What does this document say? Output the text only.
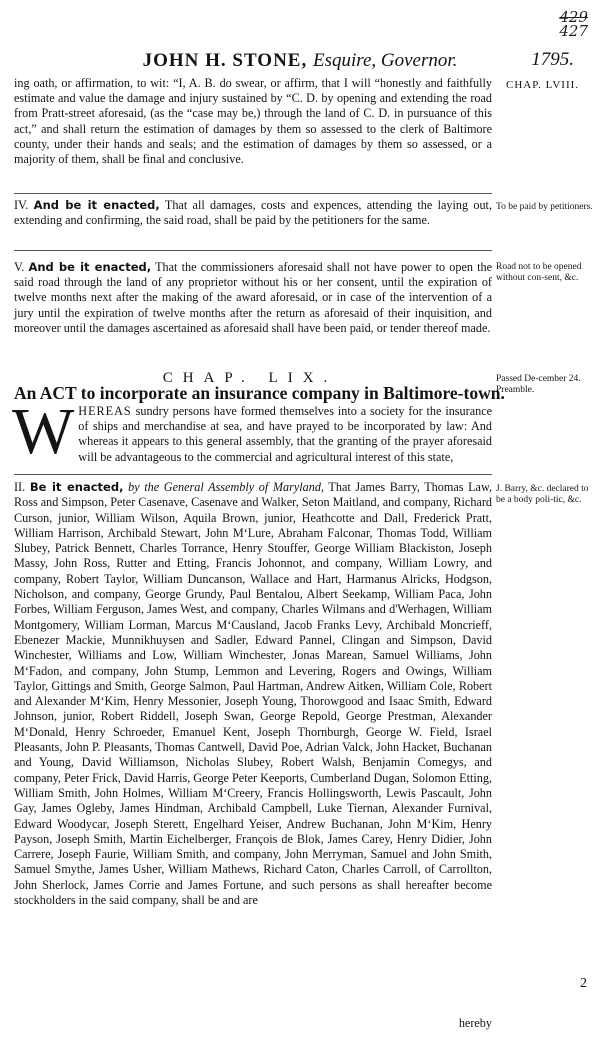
429
427
JOHN H. STONE, Esquire, Governor.	1795.
ing oath, or affirmation, to wit: “I, A. B. do swear, or affirm, that I will “honestly and faithfully estimate and value the damage and injury sustained by “C. D. by opening and extending the road from Pratt-street aforesaid, (as the “case may be,) through the land of C. D. in pursuance of this act,” and shall return the estimation of damages by them so assessed to the clerk of Baltimore county, under their hands and seals; and the estimation of damages by them so assessed, or a majority of them, shall be final and conclusive.
CHAP. LVIII.
IV. And be it enacted, That all damages, costs and expences, attending the laying out, extending and confirming, the said road, shall be paid by the petitioners for the same.
To be paid by petitioners.
V. And be it enacted, That the commissioners aforesaid shall not have power to open the said road through the land of any proprietor without his or her consent, until the expiration of twelve months next after the making of the award aforesaid, or in case of the intervention of a jury until the expiration of twelve months after the return as aforesaid of their inquisition, and moreover until the damages ascertained as aforesaid shall have been paid, or tender thereof made.
Road not to be opened without con-sent, &c.
CHAP. LIX.
An ACT to incorporate an insurance company in Baltimore-town.
Passed De-cember 24. Preamble.
W HEREAS sundry persons have formed themselves into a society for the insurance of ships and merchandise at sea, and have prayed to be incorporated by law: And whereas it appears to this general assembly, that the granting of the prayer aforesaid will be advantageous to the commercial and agricultural interest of this state,
II. Be it enacted, by the General Assembly of Maryland, That James Barry, Thomas Law, Ross and Simpson, Peter Casenave, Casenave and Walker, Seton Maitland, and company, Richard Curson, junior, William Wilson, Aquila Brown, junior, Heathcotte and Dall, Frederick Pratt, William Harrison, Archibald Stewart, John M‘Lure, Abraham Falconar, Thomas Todd, William Slubey, Patrick Bennett, Charles Torrance, Henry Stouffer, George William Blackiston, Joseph Massy, John Ross, Rutter and Etting, Francis Johonnot, and company, William Lowry, and company, Robert Taylor, William Duncanson, Wallace and Hart, Harmanus Alricks, Hodgson, Nicholson, and company, George Grundy, Paul Bentalou, Albert Seekamp, William Paca, John Forbes, William Ferguson, James West, and company, Charles Wilmans and d'Werhagen, William Montgomery, William Lorman, Marcus M‘Causland, Jacob Franks Levy, Archibald Moncrieff, Ebenezer Mackie, Munnikhuysen and Sadler, Edward Pannel, Clingan and Simpson, David Winchester, Williams and Low, William Winchester, Jonas Marean, Samuel Williams, John M‘Fadon, and company, John Stump, Lemmon and Levering, Rogers and Owings, William Taylor, Gittings and Smith, George Salmon, Paul Hartman, Andrew Aitken, William Cole, Robert and Alexander M‘Kim, Henry Messonier, Joseph Young, Thorowgood and Isaac Smith, Edward Johnson, junior, Robert Riddell, Joseph Swan, George Repold, George Prestman, Alexander M‘Donald, Henry Schroeder, Emanuel Kent, Joseph Thornburgh, George W. Field, Israel Pleasants, John P. Pleasants, Thomas Cantwell, David Poe, Adrian Valck, John Hacket, Buchanan and Young, David Williamson, Nicholas Slubey, Robert Walsh, Benjamin Comegys, and company, Peter Frick, David Harris, George Peter Keeports, Cumberland Dugan, Solomon Etting, William Smith, John Holmes, William M‘Creery, Francis Hollingsworth, Lewis Pascault, John Gay, James Ogleby, James Hindman, Archibald Campbell, Luke Tiernan, Alexander Furnival, Edward Woodycar, Joseph Sterett, Engelhard Yeiser, Andrew Buchanan, John M‘Kim, Henry Payson, Joseph Smith, Martin Eichelberger, François de Blok, James Carey, Henry Didier, John Carrere, Joseph Faurie, William Smith, and company, John Merryman, Samuel and John Smith, Samuel Smythe, James Usher, William Mathews, Richard Caton, Charles Carroll, of Carrollton, John Sherlock, James Corrie and James Fortune, and such persons as shall hereafter become stockholders in the said company, shall be and are
J. Barry, &c. declared to be a body poli-tic, &c.
2
hereby
